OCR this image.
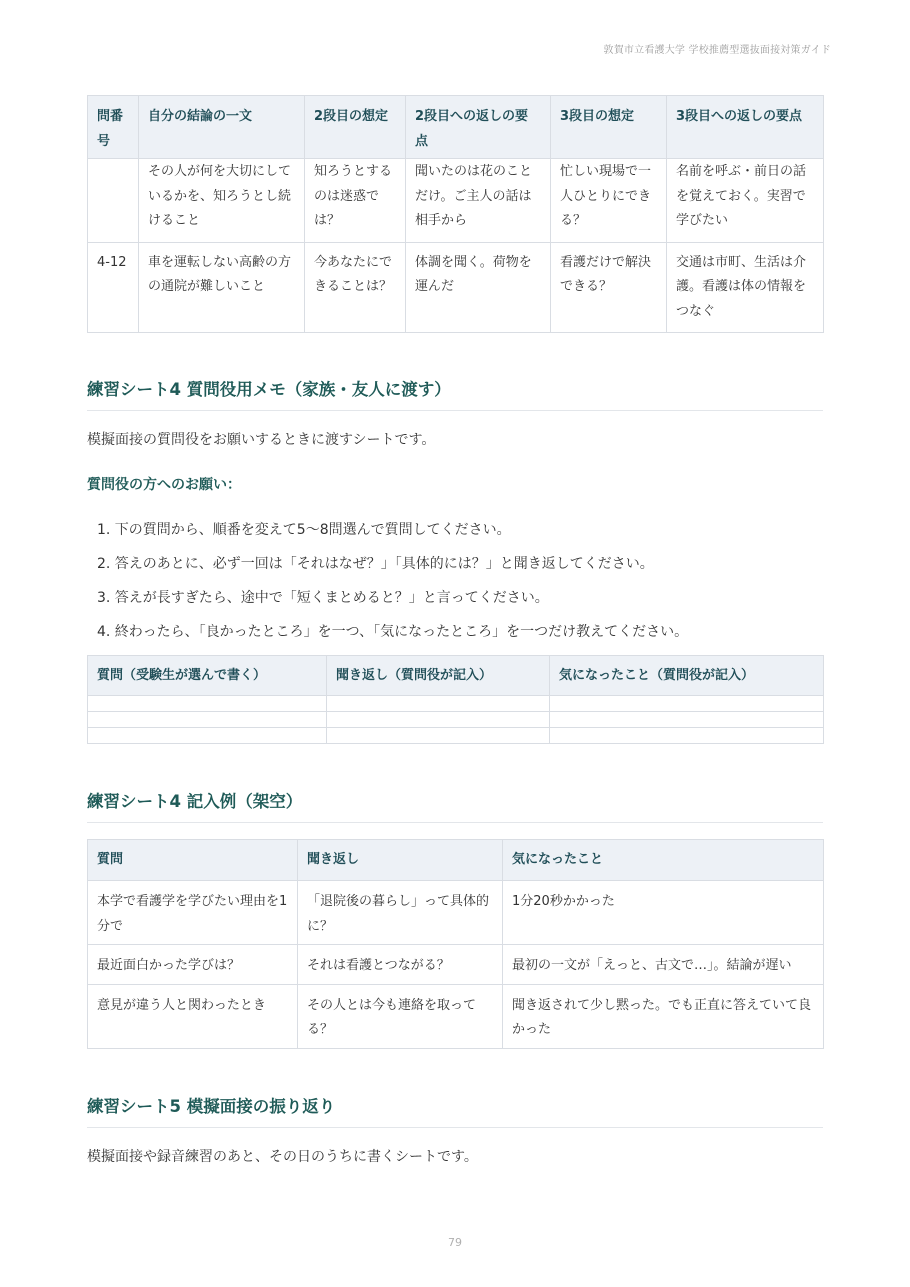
敦賀市立看護大学 学校推薦型選抜面接対策ガイド
問番号	自分の結論の一文	2段目の想定	2段目への返しの要点	3段目の想定	3段目への返しの要点
	その人が何を大切にしているかを、知ろうとし続けること	知ろうとするのは迷惑では？	聞いたのは花のことだけ。ご主人の話は相手から	忙しい現場で一人ひとりにできる？	名前を呼ぶ・前日の話を覚えておく。実習で学びたい
4-12	車を運転しない高齢の方の通院が難しいこと	今あなたにできることは？	体調を聞く。荷物を運んだ	看護だけで解決できる？	交通は市町、生活は介護。看護は体の情報をつなぐ
練習シート4 質問役用メモ（家族・友人に渡す）

模擬面接の質問役をお願いするときに渡すシートです。

質問役の方へのお願い：

1. 下の質問から、順番を変えて5〜8問選んで質問してください。
2. 答えのあとに、必ず一回は「それはなぜ？」「具体的には？」と聞き返してください。
3. 答えが長すぎたら、途中で「短くまとめると？」と言ってください。
4. 終わったら、「良かったところ」を一つ、「気になったところ」を一つだけ教えてください。
質問（受験生が選んで書く）	聞き返し（質問役が記入）	気になったこと（質問役が記入）

練習シート4 記入例（架空）
質問	聞き返し	気になったこと
本学で看護学を学びたい理由を1分で	「退院後の暮らし」って具体的に？	1分20秒かかった
最近面白かった学びは？	それは看護とつながる？	最初の一文が「えっと、古文で…」。結論が遅い
意見が違う人と関わったとき	その人とは今も連絡を取ってる？	聞き返されて少し黙った。でも正直に答えていて良かった
練習シート5 模擬面接の振り返り

模擬面接や録音練習のあと、その日のうちに書くシートです。

79
